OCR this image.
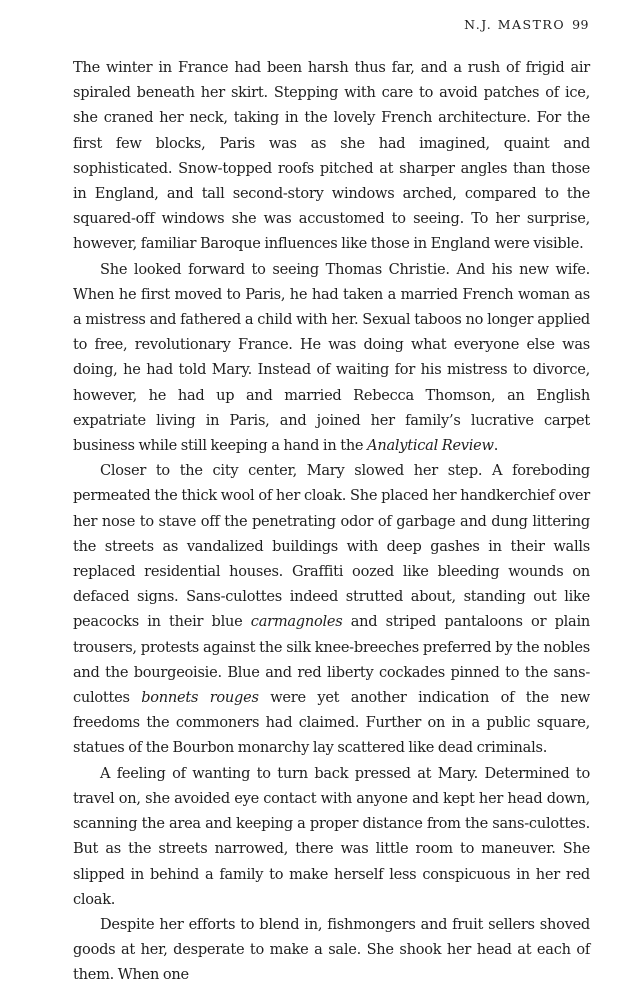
N.J. MASTRO 99

The winter in France had been harsh thus far, and a rush of frigid air spiraled beneath her skirt. Stepping with care to avoid patches of ice, she craned her neck, taking in the lovely French architecture. For the first few blocks, Paris was as she had imagined, quaint and sophisticated. Snow-topped roofs pitched at sharper angles than those in England, and tall second-story windows arched, compared to the squared-off windows she was accustomed to seeing. To her surprise, however, familiar Baroque influences like those in England were visible.

She looked forward to seeing Thomas Christie. And his new wife. When he first moved to Paris, he had taken a married French woman as a mistress and fathered a child with her. Sexual taboos no longer applied to free, revolutionary France. He was doing what everyone else was doing, he had told Mary. Instead of waiting for his mistress to divorce, however, he had up and married Rebecca Thomson, an English expatriate living in Paris, and joined her family’s lucrative carpet business while still keeping a hand in the Analytical Review.

Closer to the city center, Mary slowed her step. A foreboding permeated the thick wool of her cloak. She placed her handkerchief over her nose to stave off the penetrating odor of garbage and dung littering the streets as vandalized buildings with deep gashes in their walls replaced residential houses. Graffiti oozed like bleeding wounds on defaced signs. Sans-culottes indeed strutted about, standing out like peacocks in their blue carmagnoles and striped pantaloons or plain trousers, protests against the silk knee-breeches preferred by the nobles and the bourgeoisie. Blue and red liberty cockades pinned to the sans-culottes bonnets rouges were yet another indication of the new freedoms the commoners had claimed. Further on in a public square, statues of the Bourbon monarchy lay scattered like dead criminals.

A feeling of wanting to turn back pressed at Mary. Determined to travel on, she avoided eye contact with anyone and kept her head down, scanning the area and keeping a proper distance from the sans-culottes. But as the streets narrowed, there was little room to maneuver. She slipped in behind a family to make herself less conspicuous in her red cloak.

Despite her efforts to blend in, fishmongers and fruit sellers shoved goods at her, desperate to make a sale. She shook her head at each of them. When one
